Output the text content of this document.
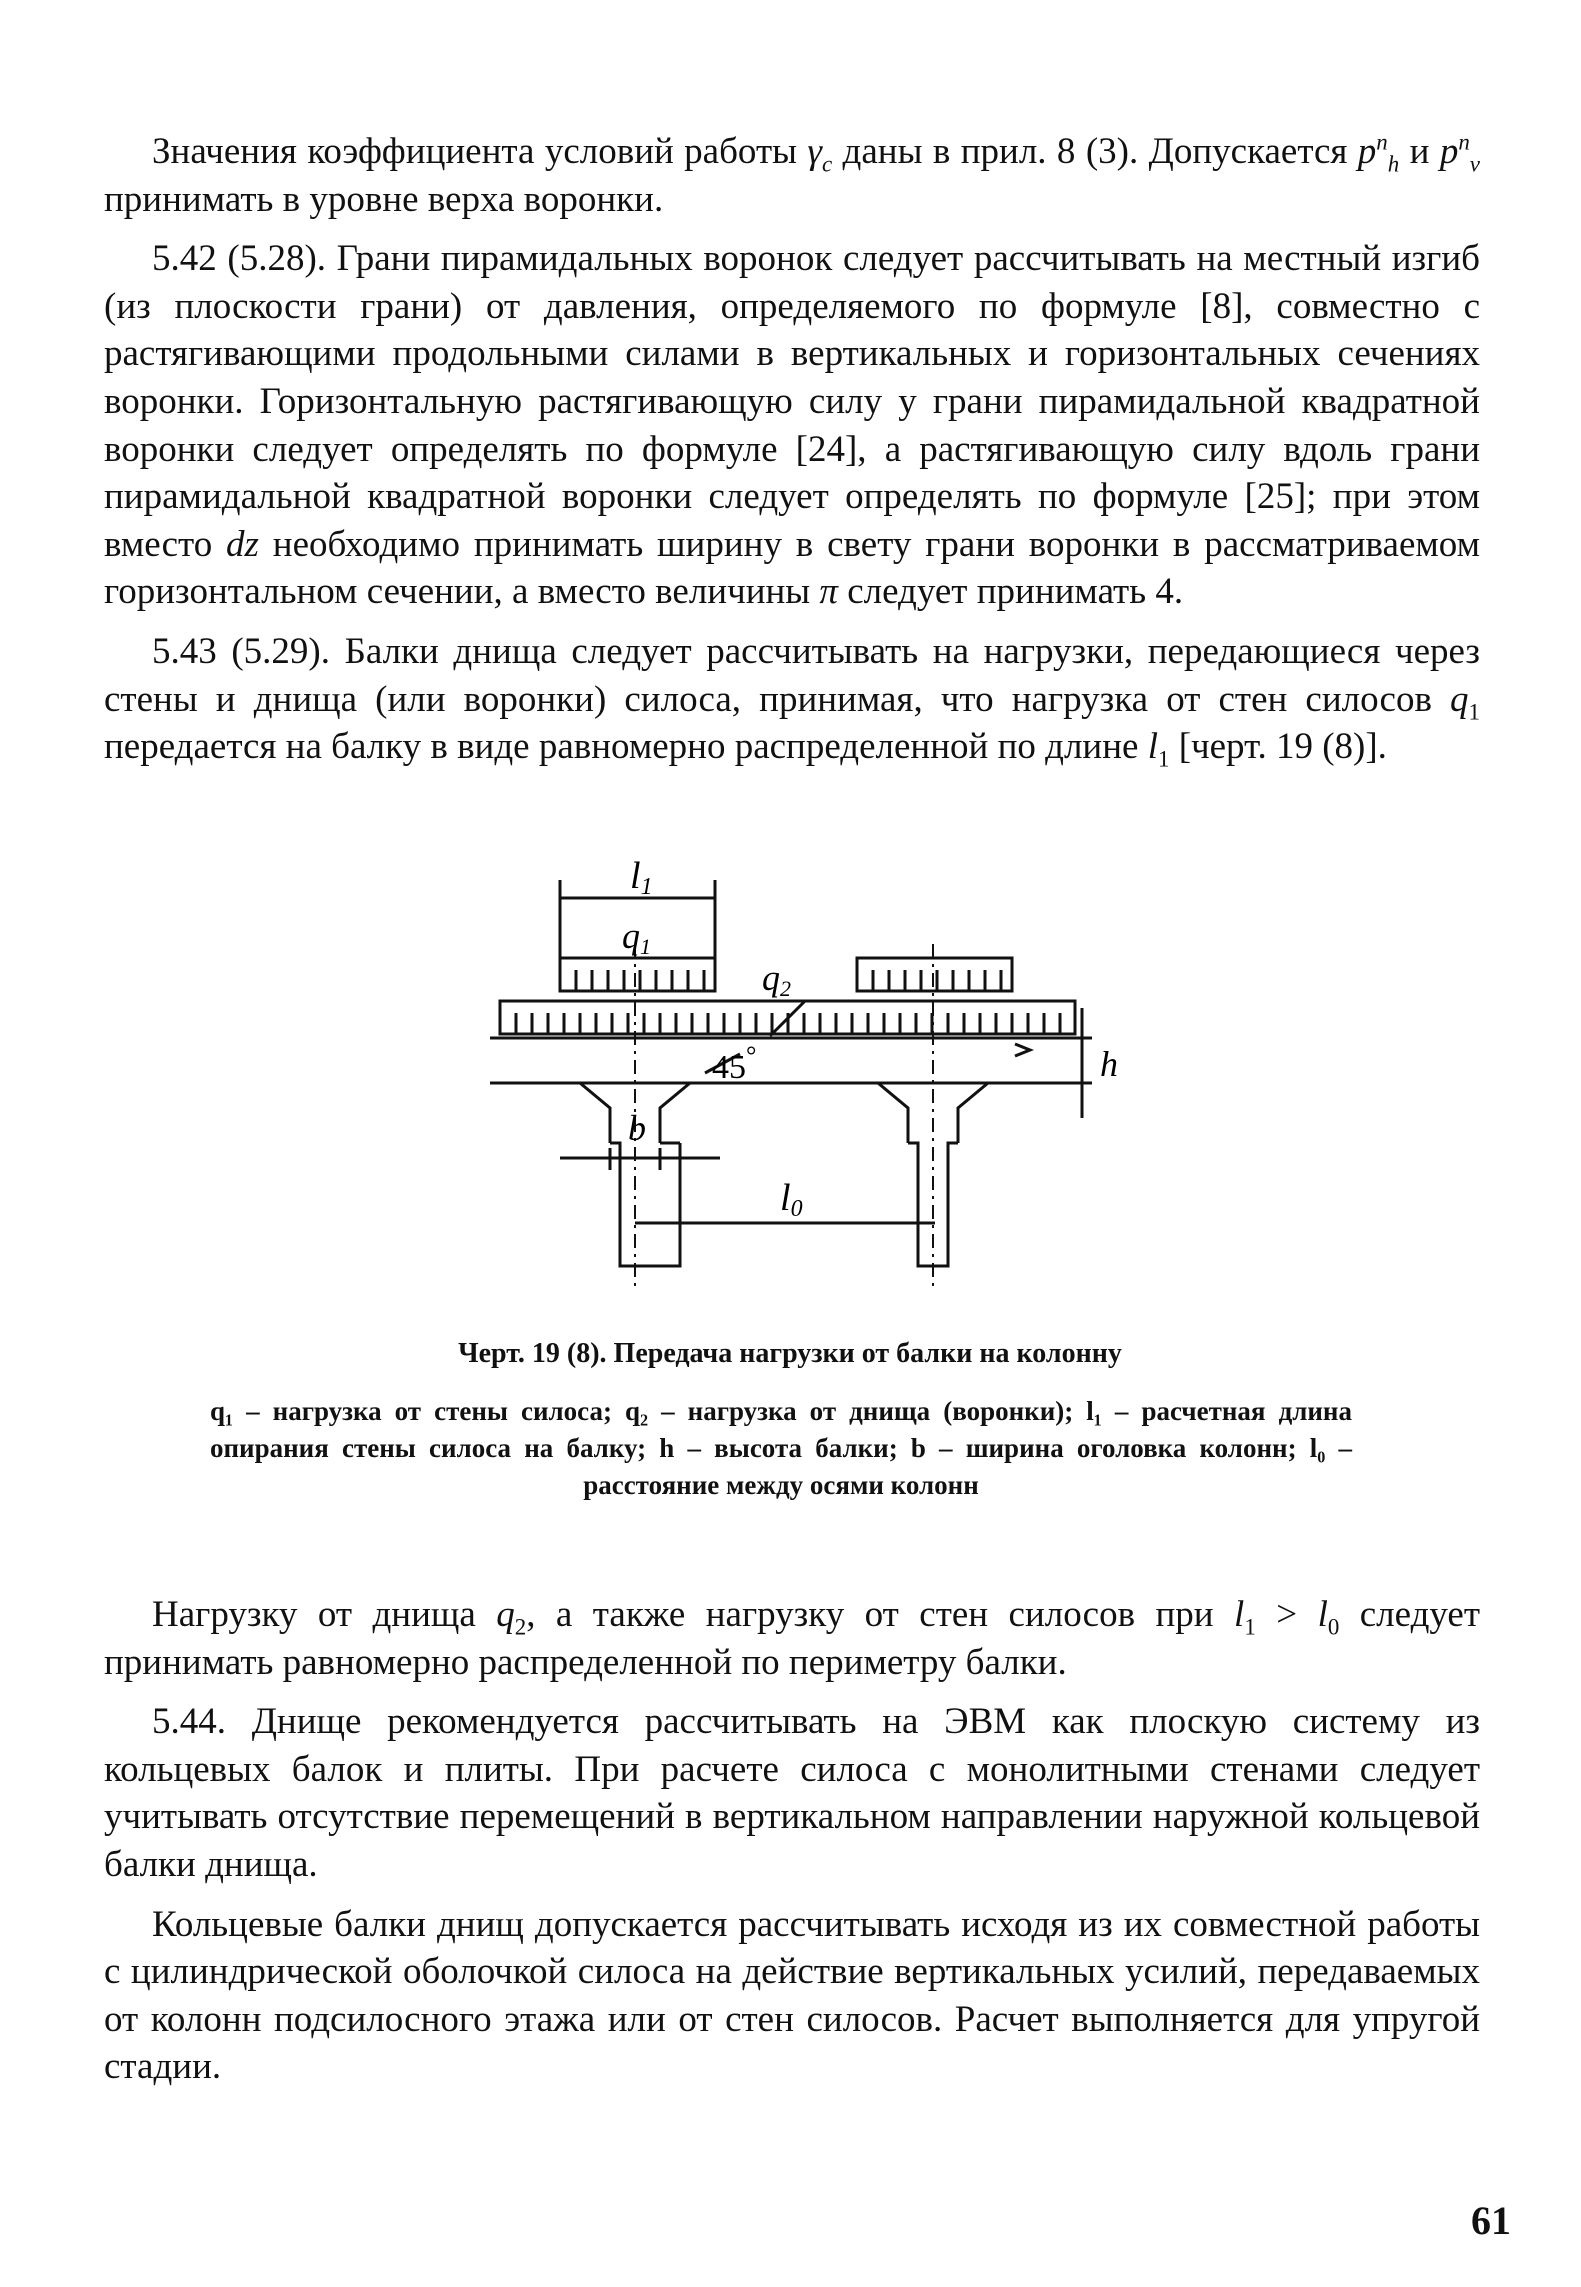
Значения коэффициента условий работы $\gamma_c$ даны в прил. 8 (3). Допускается $p^n_h$ и $p^n_v$ принимать в уровне верха воронки.

5.42 (5.28). Грани пирамидальных воронок следует рассчитывать на местный изгиб (из плоскости грани) от давления, определяемого по формуле [8], совместно с растягивающими продольными силами в вертикальных и горизонтальных сечениях воронки. Горизонтальную растягивающую силу у грани пирамидальной квадратной воронки следует определять по формуле [24], а растягивающую силу вдоль грани пирамидальной квадратной воронки следует определять по формуле [25]; при этом вместо dz необходимо принимать ширину в свету грани воронки в рассматриваемом горизонтальном сечении, а вместо величины π следует принимать 4.

5.43 (5.29). Балки днища следует рассчитывать на нагрузки, передающиеся через стены и днища (или воронки) силоса, принимая, что нагрузка от стен силосов $q_1$ передается на балку в виде равномерно распределенной по длине $l_1$ [черт. 19 (8)].

l1
q1
q2
45°	h
b
l0

Черт. 19 (8). Передача нагрузки от балки на колонну

q₁ – нагрузка от стены силоса; q₂ – нагрузка от днища (воронки); l₁ – расчетная длина опирания стены силоса на балку; h – высота балки; b – ширина оголовка колонн; l₀ – расстояние между осями колонн

Нагрузку от днища $q_2$, а также нагрузку от стен силосов при $l_1 > l_0$ следует принимать равномерно распределенной по периметру балки.

5.44. Днище рекомендуется рассчитывать на ЭВМ как плоскую систему из кольцевых балок и плиты. При расчете силоса с монолитными стенами следует учитывать отсутствие перемещений в вертикальном направлении наружной кольцевой балки днища.

Кольцевые балки днищ допускается рассчитывать исходя из их совместной работы с цилиндрической оболочкой силоса на действие вертикальных усилий, передаваемых от колонн подсилосного этажа или от стен силосов. Расчет выполняется для упругой стадии.

61
